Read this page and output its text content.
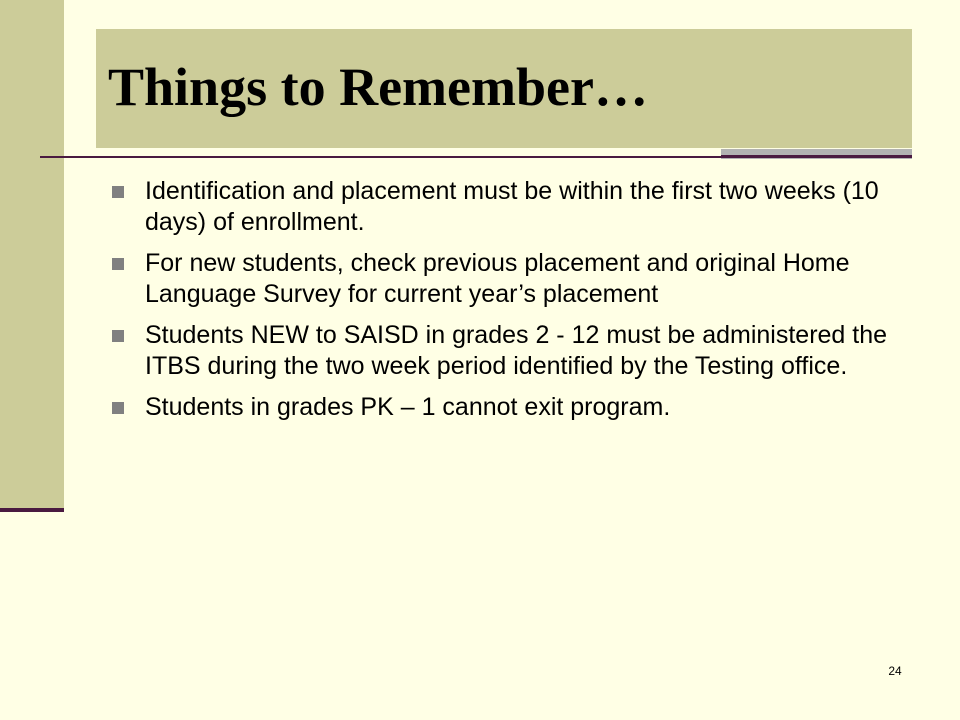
Things to Remember…
Identification and placement must be within the first two weeks (10 days) of enrollment.
For new students, check previous placement and original Home Language Survey for current year’s placement
Students NEW to SAISD in grades 2 - 12 must be administered the ITBS during the two week period identified by the Testing office.
Students in grades PK – 1 cannot exit program.
24
